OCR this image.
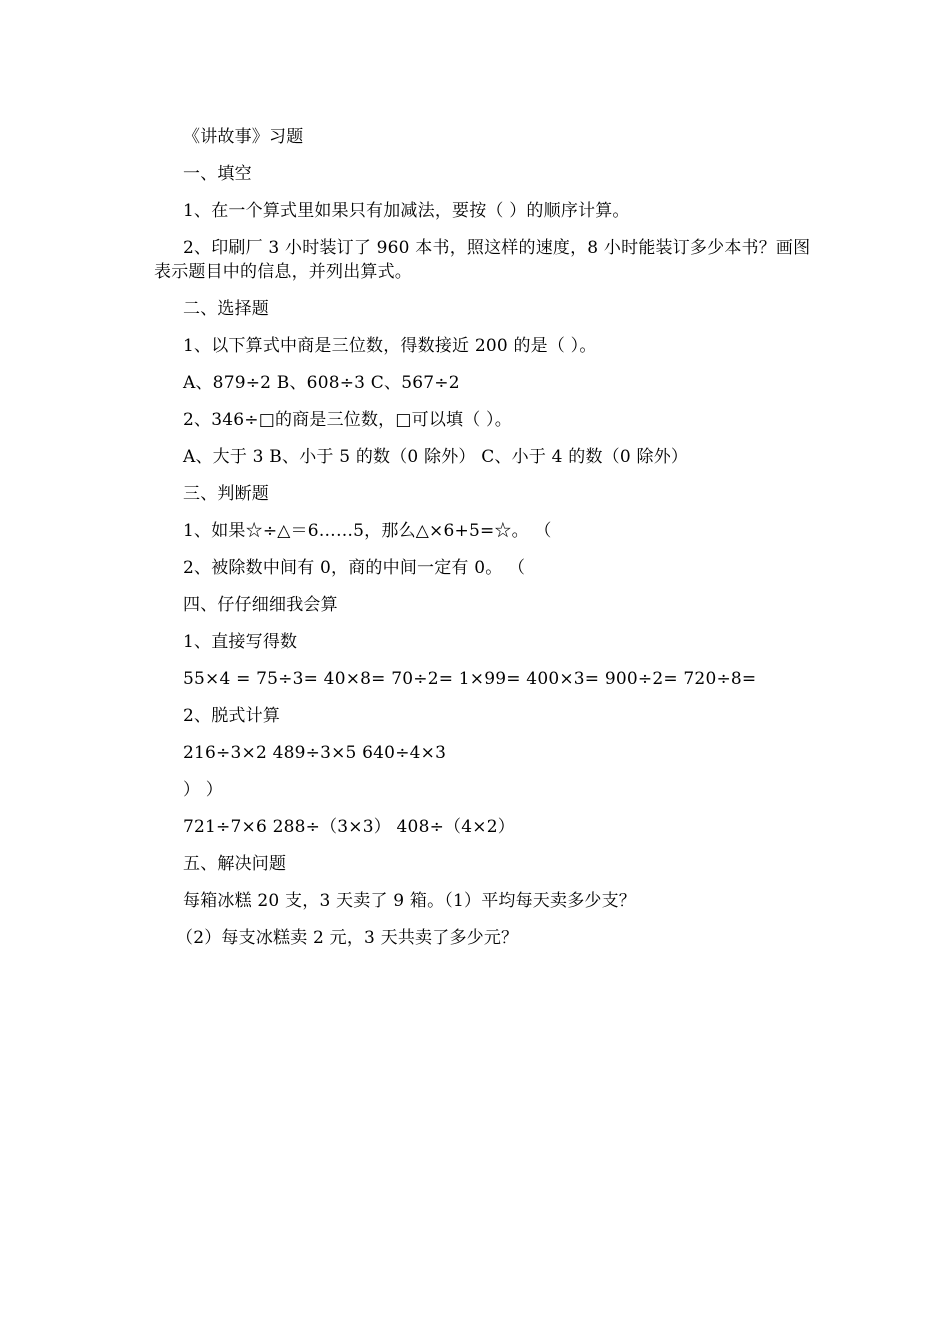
《讲故事》习题
一、填空
1、在一个算式里如果只有加减法，要按（ ）的顺序计算。
2、印刷厂 3 小时装订了 960 本书，照这样的速度，8 小时能装订多少本书？画图表示题目中的信息，并列出算式。
二、选择题
1、以下算式中商是三位数，得数接近 200 的是（ ）。
A、879÷2 B、608÷3 C、567÷2
2、346÷□的商是三位数，□可以填（ ）。
A、大于 3 B、小于 5 的数（0 除外） C、小于 4 的数（0 除外）
三、判断题
1、如果☆÷△＝6……5，那么△×6+5=☆。 （
2、被除数中间有 0，商的中间一定有 0。 （
四、仔仔细细我会算
1、直接写得数
55×4 = 75÷3= 40×8= 70÷2= 1×99= 400×3= 900÷2= 720÷8=
2、脱式计算
216÷3×2 489÷3×5 640÷4×3
） ）
721÷7×6 288÷（3×3） 408÷（4×2）
五、解决问题
每箱冰糕 20 支，3 天卖了 9 箱。（1）平均每天卖多少支？
（2）每支冰糕卖 2 元，3 天共卖了多少元？
